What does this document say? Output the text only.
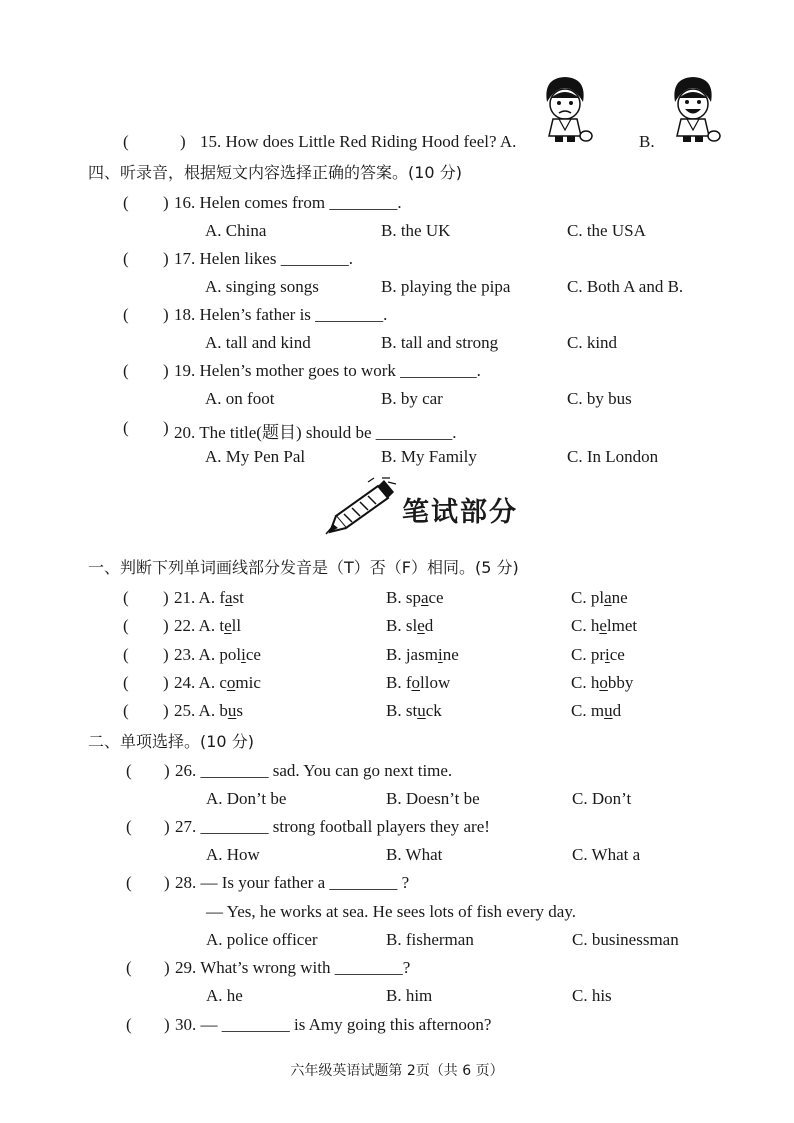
(	) 15. How does Little Red Riding Hood feel? A.	B.
四、听录音，根据短文内容选择正确的答案。(10 分)
( ) 16. Helen comes from ________.
A. China	B. the UK	C. the USA
( ) 17. Helen likes ________.
A. singing songs	B. playing the pipa	C. Both A and B.
( ) 18. Helen’s father is ________.
A. tall and kind	B. tall and strong	C. kind
( ) 19. Helen’s mother goes to work _________.
A. on foot	B. by car	C. by bus
( ) 20. The title(题目) should be _________.
A. My Pen Pal	B. My Family	C. In London
笔试部分
一、判断下列单词画线部分发音是（T）否（F）相同。(5 分)
( ) 21. A. fast	B. space	C. plane
( ) 22. A. tell	B. sled	C. helmet
( ) 23. A. police	B. jasmine	C. price
( ) 24. A. comic	B. follow	C. hobby
( ) 25. A. bus	B. stuck	C. mud
二、单项选择。(10 分)
( ) 26. ________ sad. You can go next time.
A. Don’t be	B. Doesn’t be	C. Don’t
( ) 27. ________ strong football players they are!
A. How	B. What	C. What a
( ) 28. — Is your father a ________ ?
— Yes, he works at sea. He sees lots of fish every day.
A. police officer	B. fisherman	C. businessman
( ) 29. What’s wrong with ________?
A. he	B. him	C. his
( ) 30. — ________ is Amy going this afternoon?
六年级英语试题第 2页（共 6 页）
